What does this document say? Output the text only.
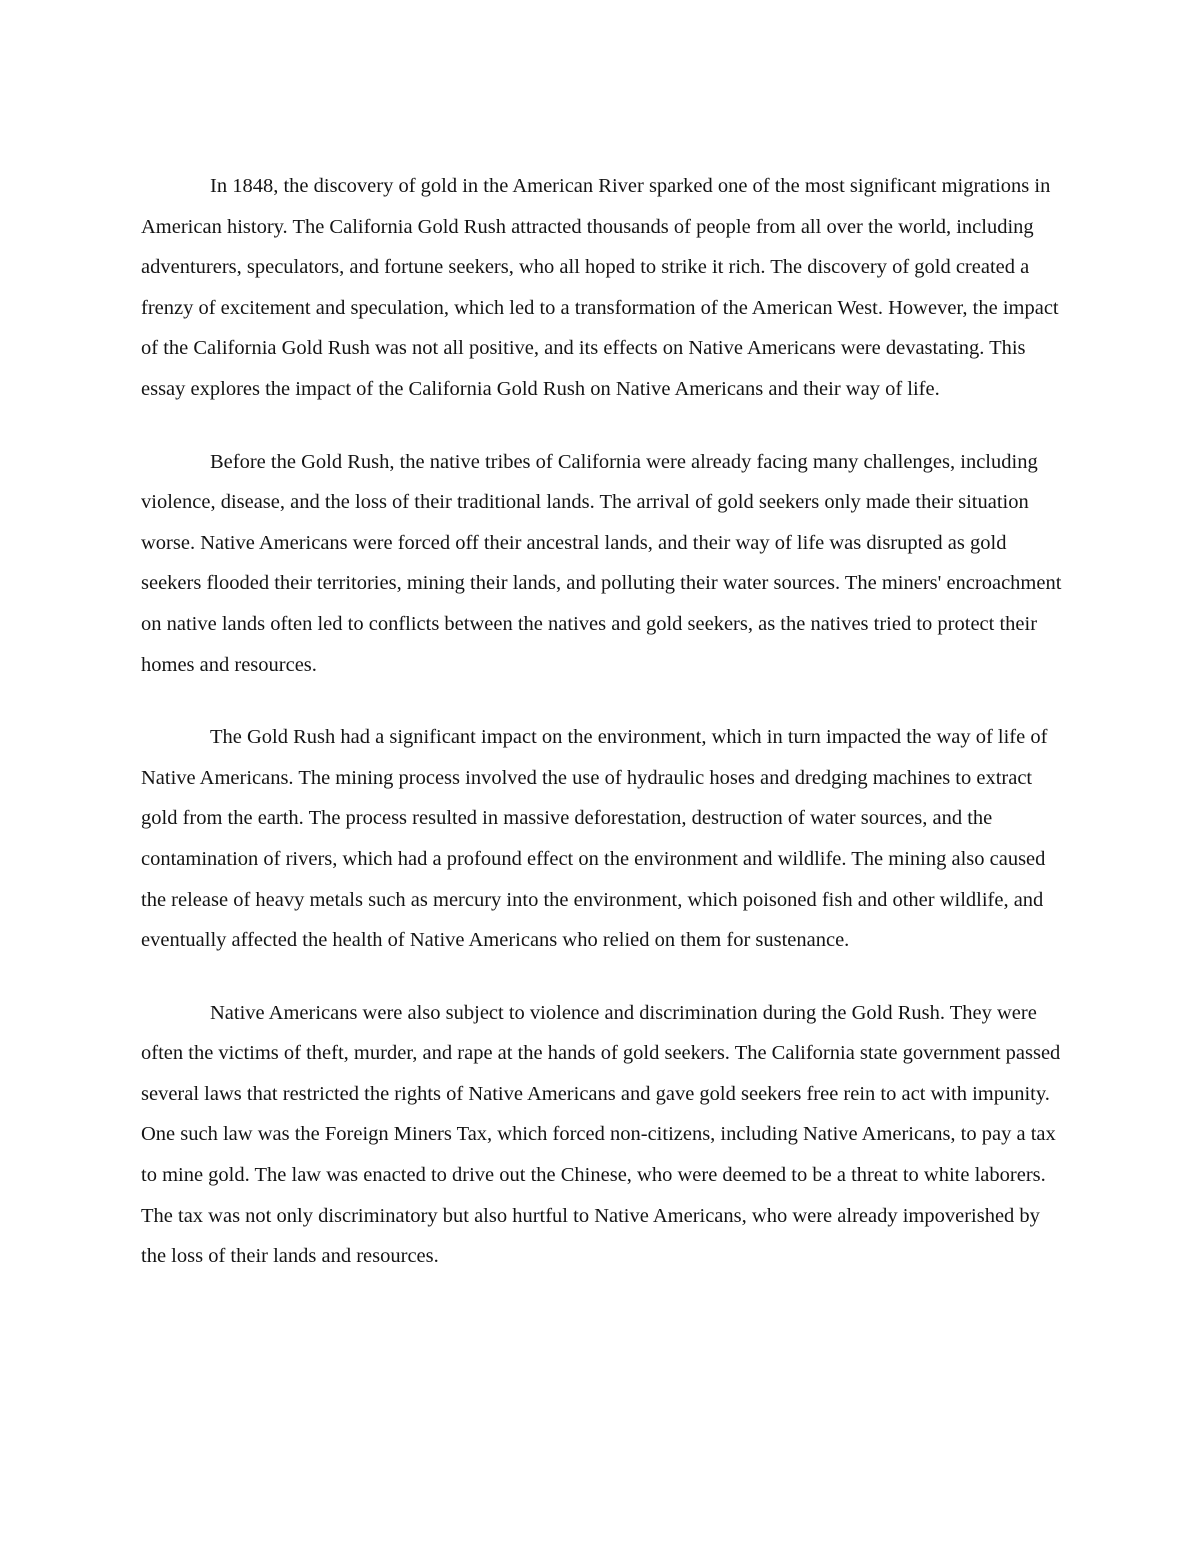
In 1848, the discovery of gold in the American River sparked one of the most significant migrations in American history. The California Gold Rush attracted thousands of people from all over the world, including adventurers, speculators, and fortune seekers, who all hoped to strike it rich. The discovery of gold created a frenzy of excitement and speculation, which led to a transformation of the American West. However, the impact of the California Gold Rush was not all positive, and its effects on Native Americans were devastating. This essay explores the impact of the California Gold Rush on Native Americans and their way of life.

Before the Gold Rush, the native tribes of California were already facing many challenges, including violence, disease, and the loss of their traditional lands. The arrival of gold seekers only made their situation worse. Native Americans were forced off their ancestral lands, and their way of life was disrupted as gold seekers flooded their territories, mining their lands, and polluting their water sources. The miners' encroachment on native lands often led to conflicts between the natives and gold seekers, as the natives tried to protect their homes and resources.

The Gold Rush had a significant impact on the environment, which in turn impacted the way of life of Native Americans. The mining process involved the use of hydraulic hoses and dredging machines to extract gold from the earth. The process resulted in massive deforestation, destruction of water sources, and the contamination of rivers, which had a profound effect on the environment and wildlife. The mining also caused the release of heavy metals such as mercury into the environment, which poisoned fish and other wildlife, and eventually affected the health of Native Americans who relied on them for sustenance.

Native Americans were also subject to violence and discrimination during the Gold Rush. They were often the victims of theft, murder, and rape at the hands of gold seekers. The California state government passed several laws that restricted the rights of Native Americans and gave gold seekers free rein to act with impunity. One such law was the Foreign Miners Tax, which forced non-citizens, including Native Americans, to pay a tax to mine gold. The law was enacted to drive out the Chinese, who were deemed to be a threat to white laborers. The tax was not only discriminatory but also hurtful to Native Americans, who were already impoverished by the loss of their lands and resources.
